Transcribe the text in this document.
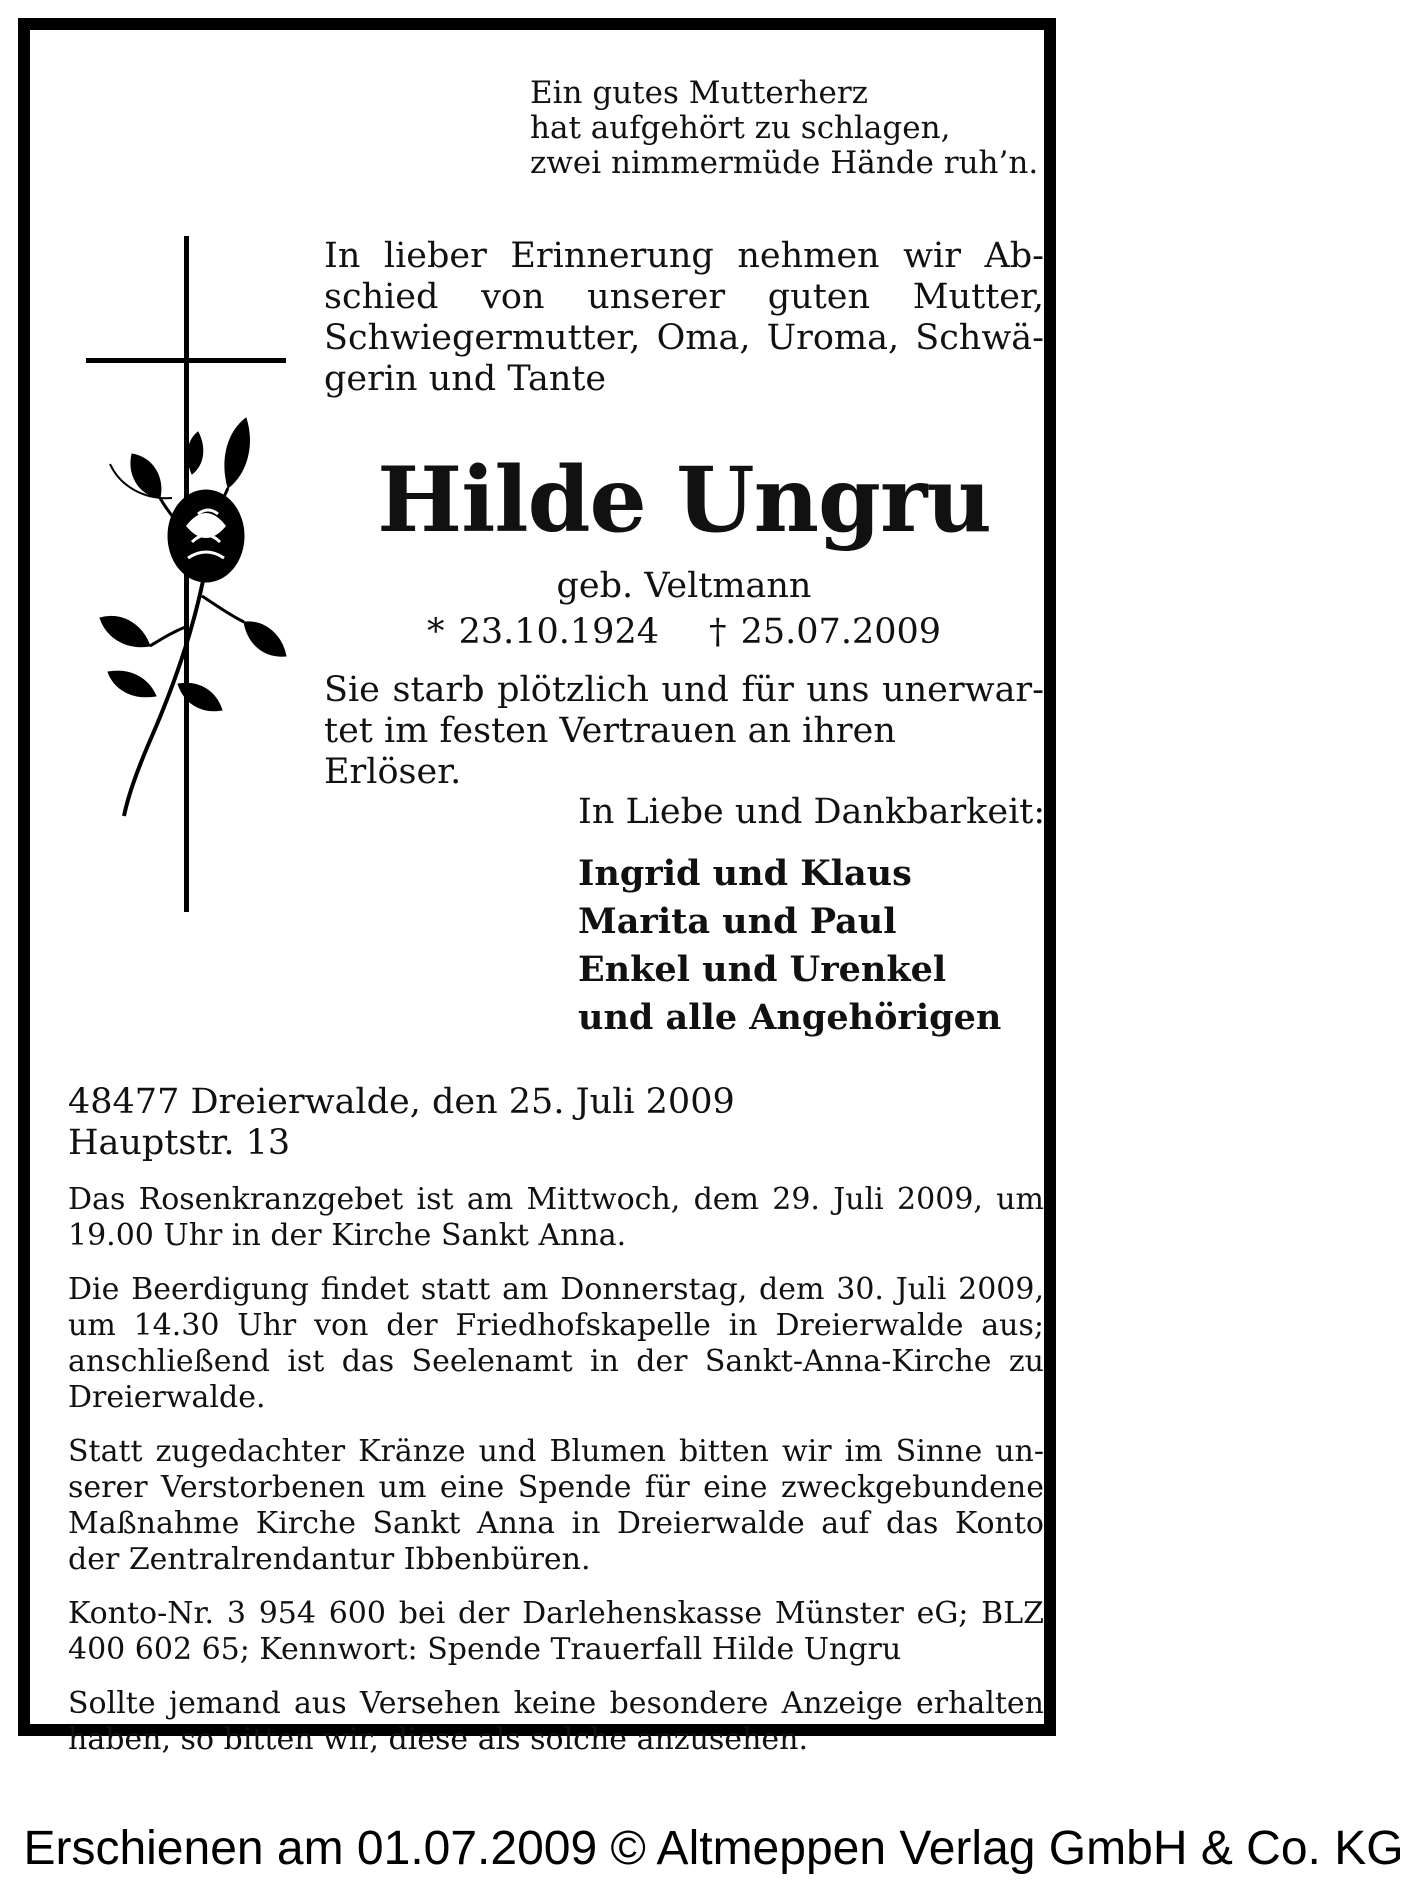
Ein gutes Mutterherz
hat aufgehört zu schlagen,
zwei nimmermüde Hände ruh’n.
In lieber Erinnerung nehmen wir Ab-
schied von unserer guten Mutter,
Schwiegermutter, Oma, Uroma, Schwä-
gerin und Tante
Hilde Ungru
geb. Veltmann
* 23.10.1924 † 25.07.2009
Sie starb plötzlich und für uns unerwar-
tet im festen Vertrauen an ihren Erlöser.
In Liebe und Dankbarkeit:
Ingrid und Klaus
Marita und Paul
Enkel und Urenkel
und alle Angehörigen
48477 Dreierwalde, den 25. Juli 2009
Hauptstr. 13
Das Rosenkranzgebet ist am Mittwoch, dem 29. Juli 2009, um
19.00 Uhr in der Kirche Sankt Anna.
Die Beerdigung findet statt am Donnerstag, dem 30. Juli 2009,
um 14.30 Uhr von der Friedhofskapelle in Dreierwalde aus;
anschließend ist das Seelenamt in der Sankt-Anna-Kirche zu
Dreierwalde.
Statt zugedachter Kränze und Blumen bitten wir im Sinne un-
serer Verstorbenen um eine Spende für eine zweckgebundene
Maßnahme Kirche Sankt Anna in Dreierwalde auf das Konto
der Zentralrendantur Ibbenbüren.
Konto-Nr. 3 954 600 bei der Darlehenskasse Münster eG; BLZ
400 602 65; Kennwort: Spende Trauerfall Hilde Ungru
Sollte jemand aus Versehen keine besondere Anzeige erhalten
haben, so bitten wir, diese als solche anzusehen.
Erschienen am 01.07.2009 © Altmeppen Verlag GmbH & Co. KG
